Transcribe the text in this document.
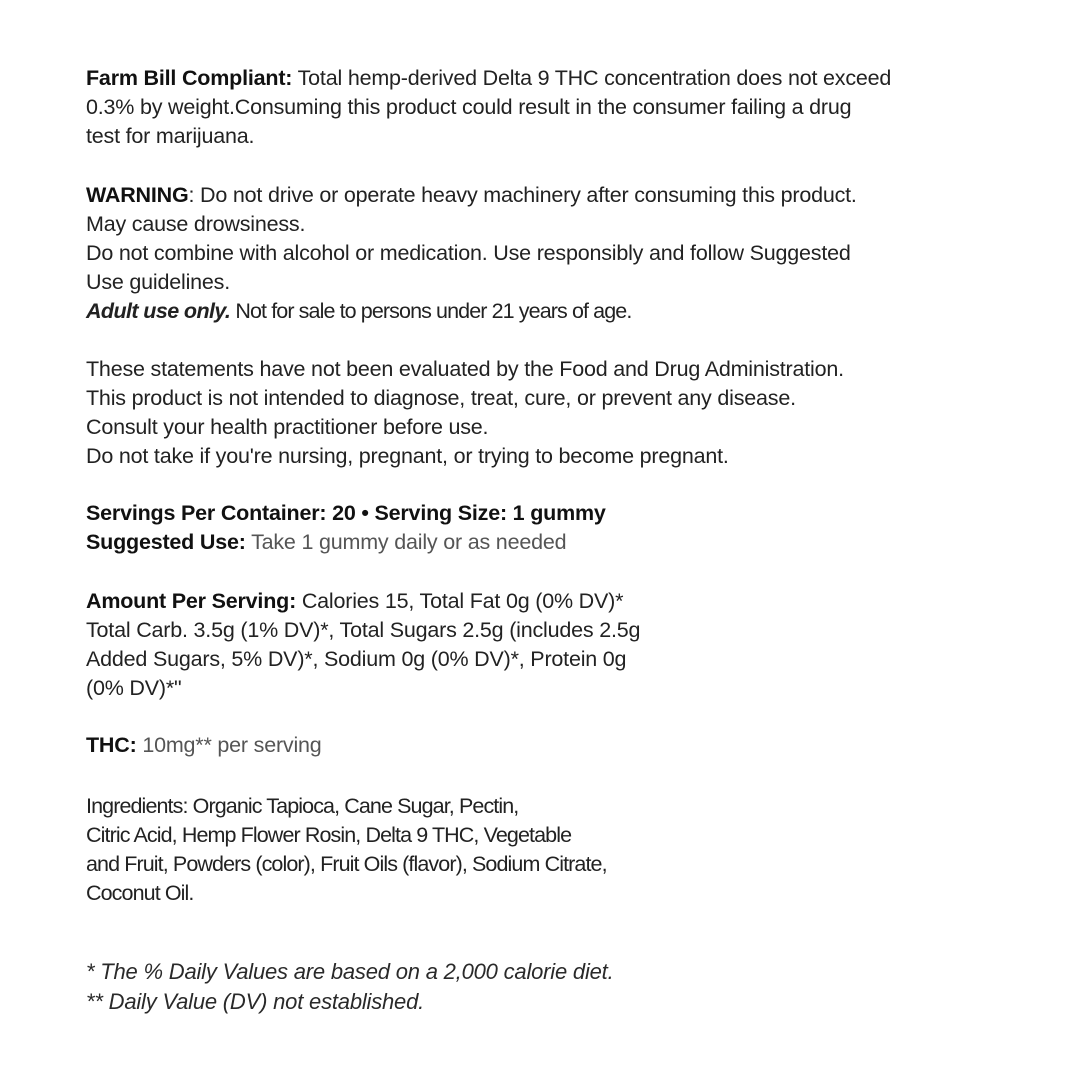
Farm Bill Compliant: Total hemp-derived Delta 9 THC concentration does not exceed
0.3% by weight.Consuming this product could result in the consumer failing a drug
test for marijuana.

WARNING: Do not drive or operate heavy machinery after consuming this product.
May cause drowsiness.
Do not combine with alcohol or medication. Use responsibly and follow Suggested
Use guidelines.
Adult use only. Not for sale to persons under 21 years of age.

These statements have not been evaluated by the Food and Drug Administration.
This product is not intended to diagnose, treat, cure, or prevent any disease.
Consult your health practitioner before use.
Do not take if you're nursing, pregnant, or trying to become pregnant.

Servings Per Container: 20 • Serving Size: 1 gummy
Suggested Use: Take 1 gummy daily or as needed

Amount Per Serving: Calories 15, Total Fat 0g (0% DV)*
Total Carb. 3.5g (1% DV)*, Total Sugars 2.5g (includes 2.5g
Added Sugars, 5% DV)*, Sodium 0g (0% DV)*, Protein 0g
(0% DV)*"

THC: 10mg** per serving

Ingredients: Organic Tapioca, Cane Sugar, Pectin,
Citric Acid, Hemp Flower Rosin, Delta 9 THC, Vegetable
and Fruit, Powders (color), Fruit Oils (flavor), Sodium Citrate,
Coconut Oil.

* The % Daily Values are based on a 2,000 calorie diet.
** Daily Value (DV) not established.
